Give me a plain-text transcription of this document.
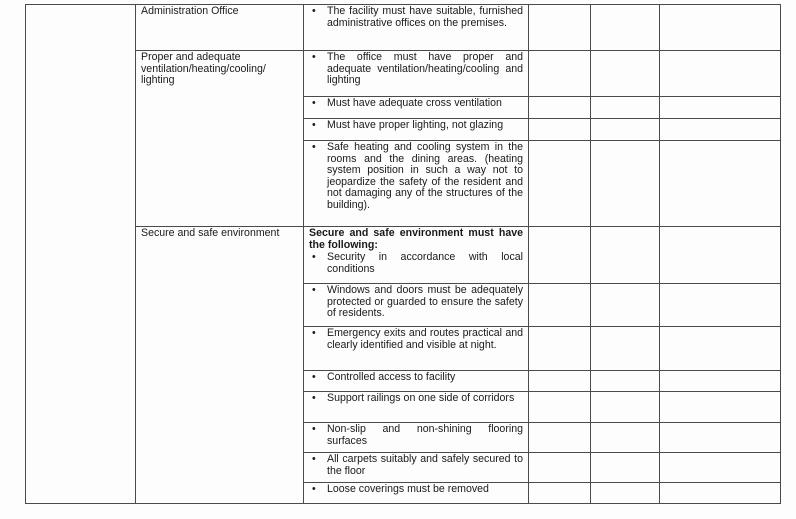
	Administration Office	• The facility must have suitable, furnished administrative offices on the premises.			

	Proper and adequate ventilation/heating/cooling/ lighting	• The office must have proper and adequate ventilation/heating/cooling and lighting			

		• Must have adequate cross ventilation			

		• Must have proper lighting, not glazing			

		• Safe heating and cooling system in the rooms and the dining areas. (heating system position in such a way not to jeopardize the safety of the resident and not damaging any of the structures of the building).			

	Secure and safe environment	Secure and safe environment must have the following:
• Security in accordance with local conditions			

		• Windows and doors must be adequately protected or guarded to ensure the safety of residents.			

		• Emergency exits and routes practical and clearly identified and visible at night.			

		• Controlled access to facility			

		• Support railings on one side of corridors			

		• Non-slip and non-shining flooring surfaces			

		• All carpets suitably and safely secured to the floor			

		• Loose coverings must be removed			
